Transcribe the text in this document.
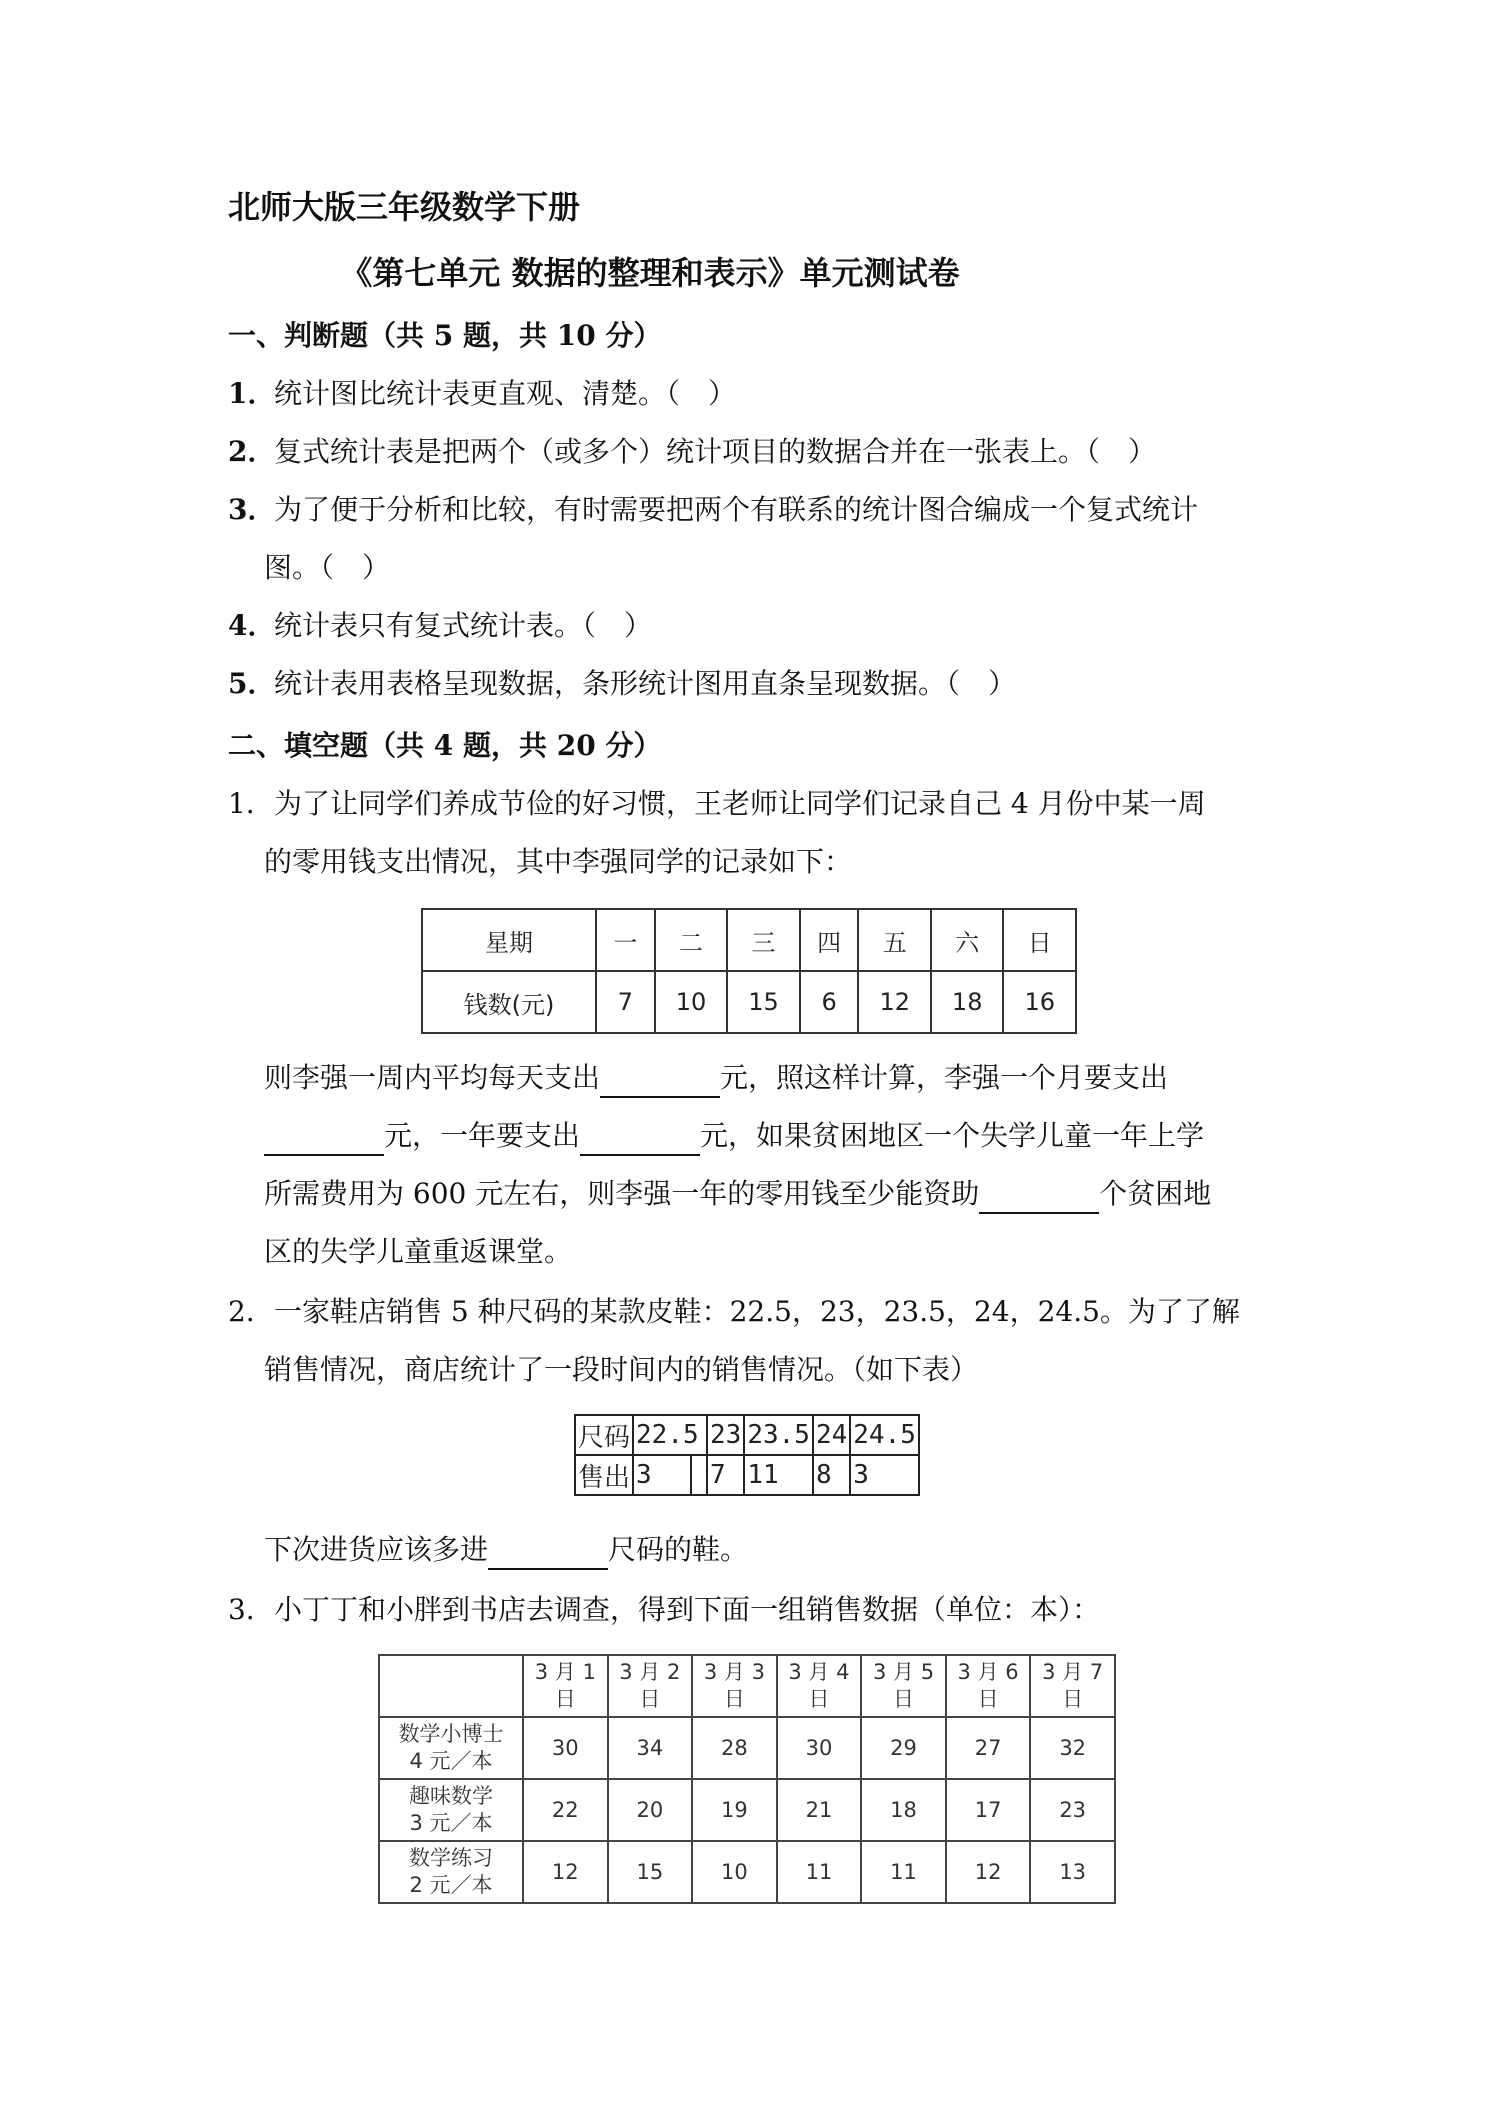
北师大版三年级数学下册
《第七单元 数据的整理和表示》单元测试卷
一、判断题（共 5 题，共 10 分）
1．统计图比统计表更直观、清楚。（　）
2．复式统计表是把两个（或多个）统计项目的数据合并在一张表上。（　）
3．为了便于分析和比较，有时需要把两个有联系的统计图合编成一个复式统计
图。（　）
4．统计表只有复式统计表。（　）
5．统计表用表格呈现数据，条形统计图用直条呈现数据。（　）
二、填空题（共 4 题，共 20 分）
1．为了让同学们养成节俭的好习惯，王老师让同学们记录自己 4 月份中某一周
的零用钱支出情况，其中李强同学的记录如下：
星期	一	二	三	四	五	六	日
钱数(元)	7	10	15	6	12	18	16
则李强一周内平均每天支出	元，照这样计算，李强一个月要支出
元，一年要支出	元，如果贫困地区一个失学儿童一年上学
所需费用为 600 元左右，则李强一年的零用钱至少能资助	个贫困地
区的失学儿童重返课堂。
2．一家鞋店销售 5 种尺码的某款皮鞋：22.5，23，23.5，24，24.5。为了了解
销售情况，商店统计了一段时间内的销售情况。（如下表）
尺码	22.5		23	23.5	24	24.5
售出	3		7	11	8	3
下次进货应该多进	尺码的鞋。
3．小丁丁和小胖到书店去调查，得到下面一组销售数据（单位：本）：
	3 月 1
日	3 月 2
日	3 月 3
日	3 月 4
日	3 月 5
日	3 月 6
日	3 月 7
日
数学小博士
4 元／本	30	34	28	30	29	27	32
趣味数学
3 元／本	22	20	19	21	18	17	23
数学练习
2 元／本	12	15	10	11	11	12	13
